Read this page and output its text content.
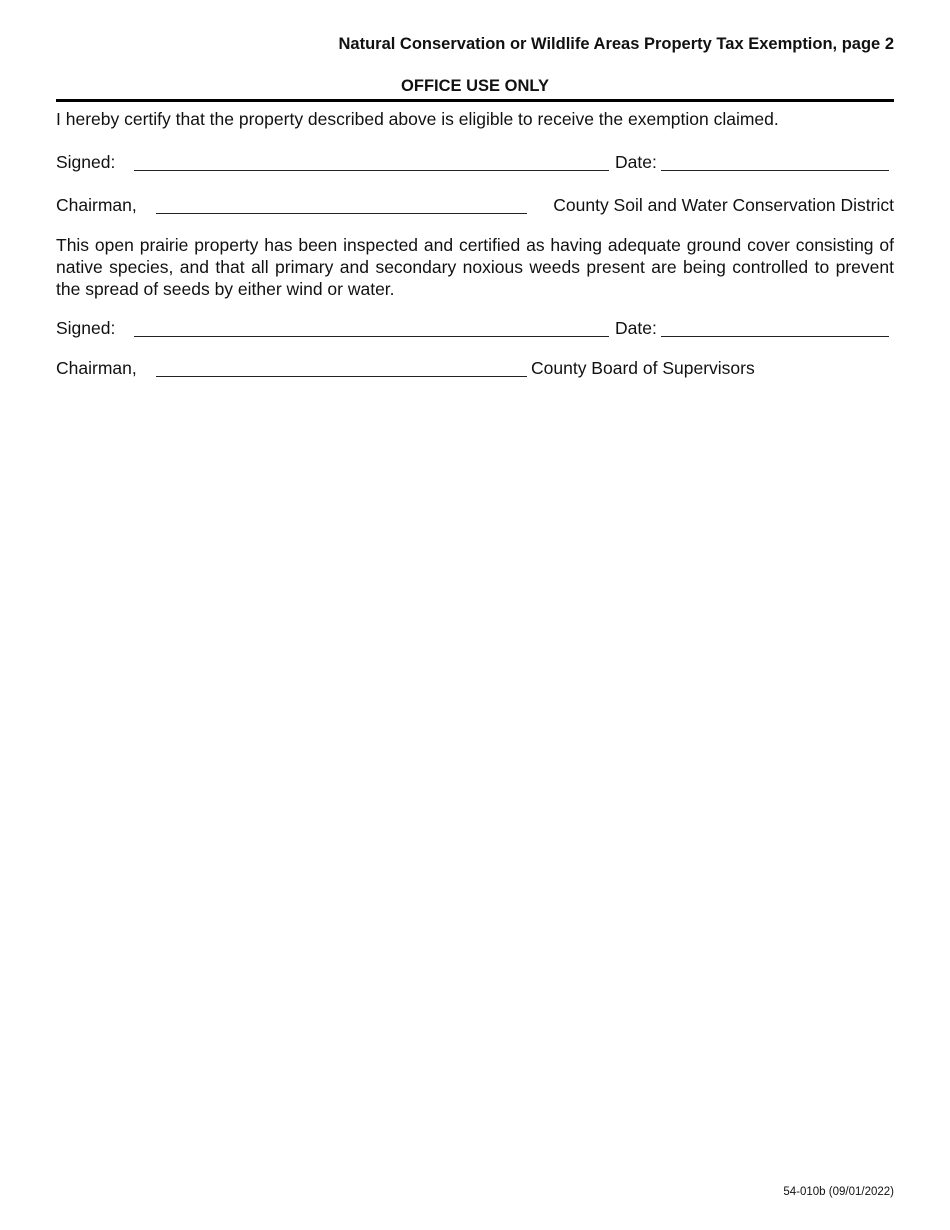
Natural Conservation or Wildlife Areas Property Tax Exemption, page 2
OFFICE USE ONLY
I hereby certify that the property described above is eligible to receive the exemption claimed.
Signed:	Date:
Chairman,	County Soil and Water Conservation District
This open prairie property has been inspected and certified as having adequate ground cover consisting of native species, and that all primary and secondary noxious weeds present are being controlled to prevent the spread of seeds by either wind or water.
Signed:	Date:
Chairman,	County Board of Supervisors
54-010b (09/01/2022)
